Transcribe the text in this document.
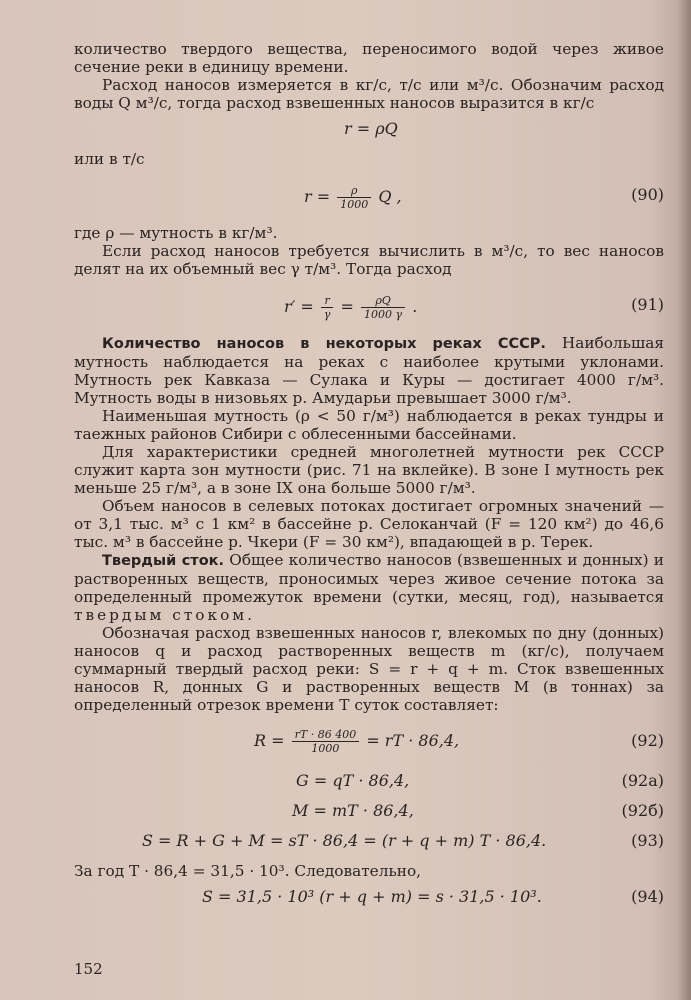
количество твердого вещества, переносимого водой через живое сечение реки в единицу времени.

Расход наносов измеряется в кг/с, т/с или м³/с. Обозначим расход воды Q м³/с, тогда расход взвешенных наносов выразится в кг/с

r = ρQ

или в т/с

$r = \frac{\rho}{1000}$ Q ,	(90)

где ρ — мутность в кг/м³.

Если расход наносов требуется вычислить в м³/с, то вес наносов делят на их объемный вес γ т/м³. Тогда расход

$r' = \frac{r}{\gamma} = \frac{\rho Q}{1000 \gamma}$ .	(91)

Количество наносов в некоторых реках СССР. Наибольшая мутность наблюдается на реках с наиболее крутыми уклонами. Мутность рек Кавказа — Сулака и Куры — достигает 4000 г/м³. Мутность воды в низовьях р. Амударьи превышает 3000 г/м³.

Наименьшая мутность (ρ < 50 г/м³) наблюдается в реках тундры и таежных районов Сибири с облесенными бассейнами.

Для характеристики средней многолетней мутности рек СССР служит карта зон мутности (рис. 71 на вклейке). В зоне I мутность рек меньше 25 г/м³, а в зоне IX она больше 5000 г/м³.

Объем наносов в селевых потоках достигает огромных значений — от 3,1 тыс. м³ с 1 км² в бассейне р. Селоканчай (F = 120 км²) до 46,6 тыс. м³ в бассейне р. Чкери (F = 30 км²), впадающей в р. Терек.

Твердый сток. Общее количество наносов (взвешенных и донных) и растворенных веществ, проносимых через живое сечение потока за определенный промежуток времени (сутки, месяц, год), называется твердым стоком.

Обозначая расход взвешенных наносов r, влекомых по дну (донных) наносов q и расход растворенных веществ m (кг/с), получаем суммарный твердый расход реки: S = r + q + m. Сток взвешенных наносов R, донных G и растворенных веществ M (в тоннах) за определенный отрезок времени T суток составляет:

$R = \frac{rT \cdot 86 400}{1000}$ = rT · 86,4,	(92)
G = qT · 86,4,	(92а)
M = mT · 86,4,	(92б)
S = R + G + M = sT · 86,4 = (r + q + m) T · 86,4.	(93)

За год T · 86,4 = 31,5 · 10³. Следовательно,

S = 31,5 · 10³ (r + q + m) = s · 31,5 · 10³.	(94)
152
